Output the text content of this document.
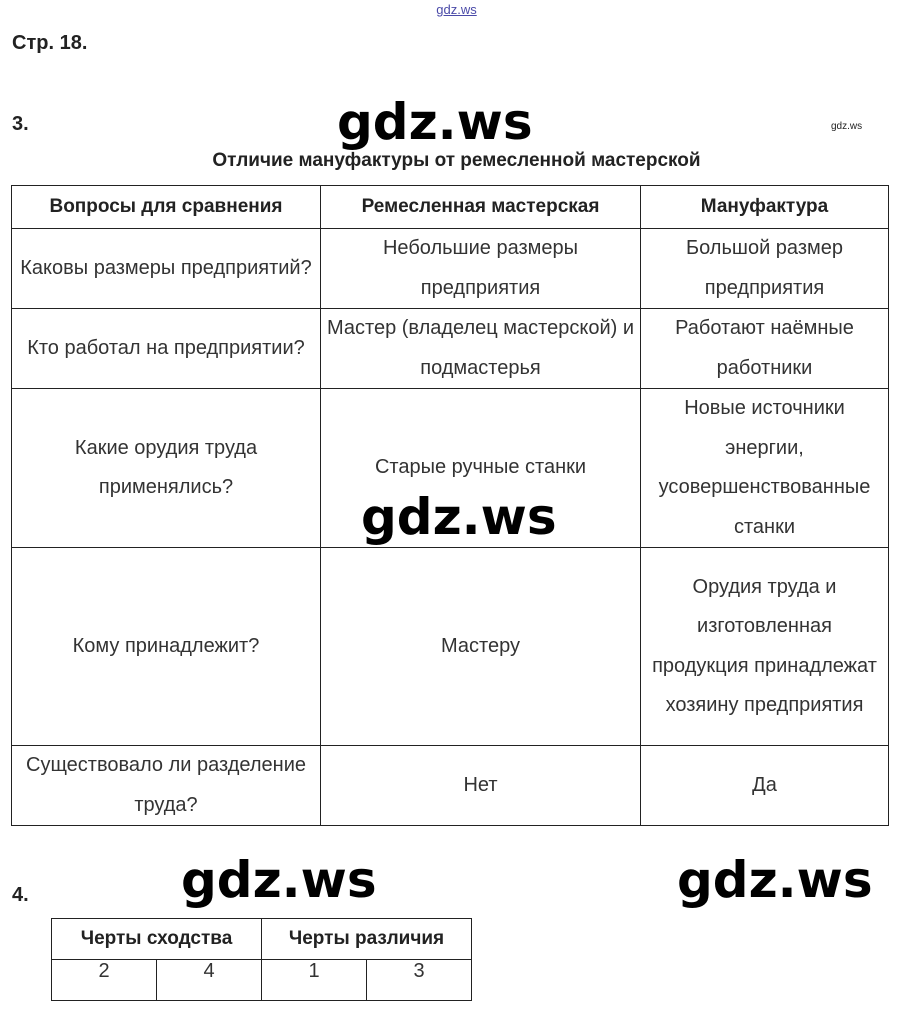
gdz.ws
Стр. 18.
3.	gdz.ws	gdz.ws
Отличие мануфактуры от ремесленной мастерской
Вопросы для сравнения	Ремесленная мастерская	Мануфактура
Каковы размеры предприятий?	Небольшие размеры предприятия	Большой размер предприятия
Кто работал на предприятии?	Мастер (владелец мастерской) и подмастерья	Работают наёмные работники
Какие орудия труда применялись?	Старые ручные станки	Новые источники энергии, усовершенствованные станки
Кому принадлежит?	Мастеру	Орудия труда и изготовленная продукция принадлежат хозяину предприятия
Существовало ли разделение труда?	Нет	Да
gdz.ws
4.	gdz.ws	gdz.ws
Черты сходства		Черты различия	
2	4	1	3
